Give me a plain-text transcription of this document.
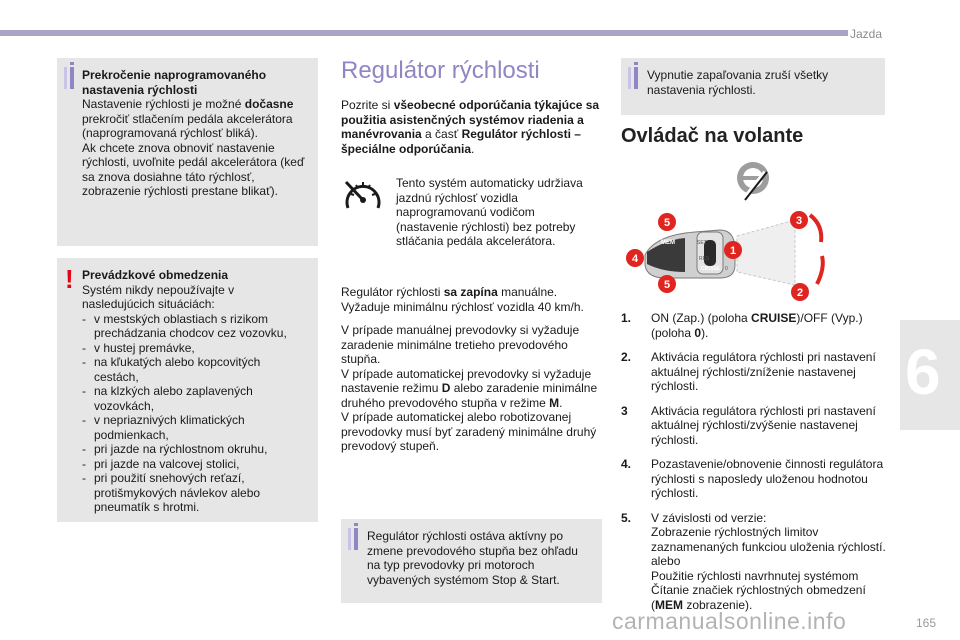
Jazda
6
Prekročenie naprogramovaného nastavenia rýchlosti
Nastavenie rýchlosti je možné dočasne prekročiť stlačením pedála akcelerátora (naprogramovaná rýchlosť bliká).
Ak chcete znova obnoviť nastavenie rýchlosti, uvoľnite pedál akcelerátora (keď sa znova dosiahne táto rýchlosť, zobrazenie rýchlosti prestane blikať).
! Prevádzkové obmedzenia
Systém nikdy nepoužívajte v nasledujúcich situáciách:
- v mestských oblastiach s rizikom prechádzania chodcov cez vozovku,
- v hustej premávke,
- na kľukatých alebo kopcovitých cestách,
- na klzkých alebo zaplavených vozovkách,
- v nepriaznivých klimatických podmienkach,
- pri jazde na rýchlostnom okruhu,
- pri jazde na valcovej stolici,
- pri použití snehových reťazí, protišmykových návlekov alebo pneumatík s hrotmi.
Regulátor rýchlosti
Pozrite si všeobecné odporúčania týkajúce sa použitia asistenčných systémov riadenia a manévrovania a časť Regulátor rýchlosti – špeciálne odporúčania.
Tento systém automaticky udržiava jazdnú rýchlosť vozidla naprogramovanú vodičom (nastavenie rýchlosti) bez potreby stláčania pedála akcelerátora.
Regulátor rýchlosti sa zapína manuálne.
Vyžaduje minimálnu rýchlosť vozidla 40 km/h.
V prípade manuálnej prevodovky si vyžaduje zaradenie minimálne tretieho prevodového stupňa.
V prípade automatickej prevodovky si vyžaduje nastavenie režimu D alebo zaradenie minimálne druhého prevodového stupňa v režime M.
V prípade automatickej alebo robotizovanej prevodovky musí byť zaradený minimálne druhý prevodový stupeň.
Regulátor rýchlosti ostáva aktívny po zmene prevodového stupňa bez ohľadu na typ prevodovky pri motoroch vybavených systémom Stop & Start.
Vypnutie zapaľovania zruší všetky nastavenia rýchlosti.
Ovládač na volante
MEM	SET
RES
CRUISE 0
5
1
4
5
3
2
1.	ON (Zap.) (poloha CRUISE)/OFF (Vyp.) (poloha 0).
2.	Aktivácia regulátora rýchlosti pri nastavení aktuálnej rýchlosti/zníženie nastavenej rýchlosti.
3	Aktivácia regulátora rýchlosti pri nastavení aktuálnej rýchlosti/zvýšenie nastavenej rýchlosti.
4.	Pozastavenie/obnovenie činnosti regulátora rýchlosti s naposledy uloženou hodnotou rýchlosti.
5.	V závislosti od verzie:
Zobrazenie rýchlostných limitov zaznamenaných funkciou uloženia rýchlostí.
alebo
Použitie rýchlosti navrhnutej systémom Čítanie značiek rýchlostných obmedzení (MEM zobrazenie).
carmanualsonline.info	165
